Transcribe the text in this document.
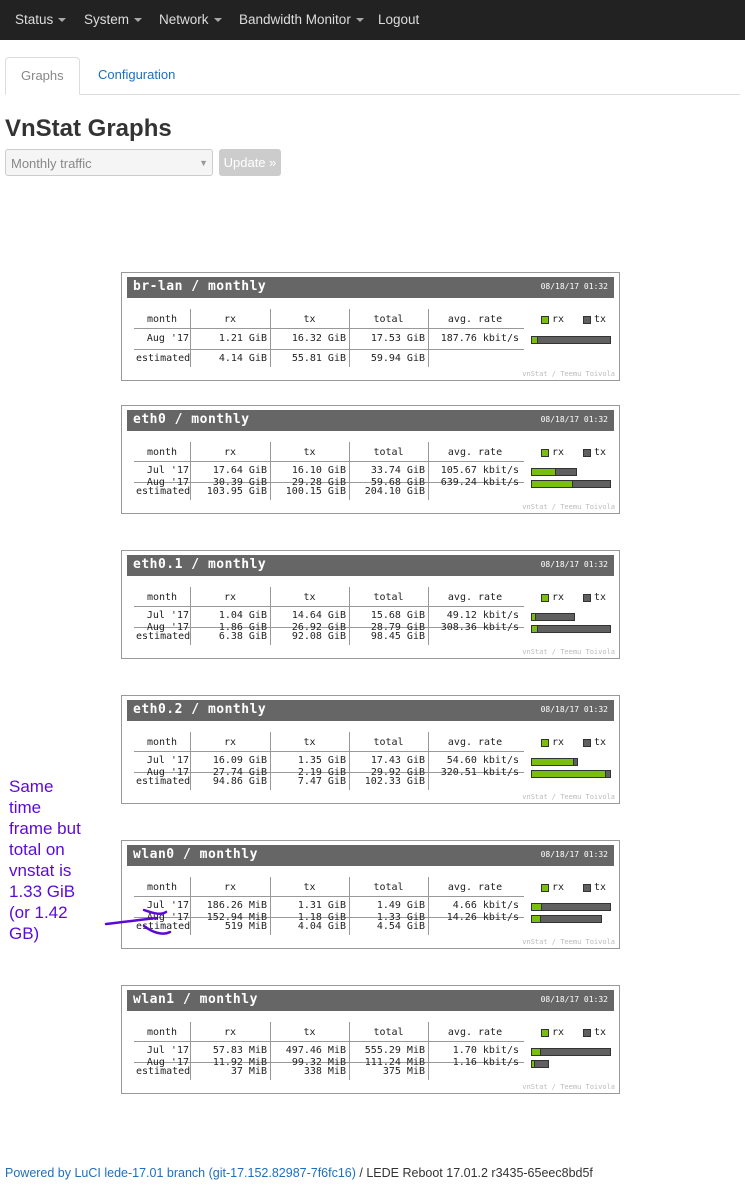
Status	System	Network	Bandwidth Monitor	Logout
Graphs	Configuration
VnStat Graphs
Monthly traffic	▼	Update »
br-lan / monthly	08/18/17 01:32
month	rx	tx	total	avg. rate	rx	tx
Aug '17	1.21 GiB 16.32 GiB 17.53 GiB 187.76 kbit/s
estimated	4.14 GiB 55.81 GiB 59.94 GiB
vnStat / Teemu Toivola
eth0 / monthly	08/18/17 01:32
month	rx	tx	total	avg. rate	rx	tx
Jul '17 17.64 GiB 16.10 GiB 33.74 GiB 105.67 kbit/s
Aug '17 30.39 GiB 29.28 GiB 59.68 GiB 639.24 kbit/s
estimated 103.95 GiB 100.15 GiB 204.10 GiB
vnStat / Teemu Toivola
eth0.1 / monthly	08/18/17 01:32
month	rx	tx	total	avg. rate	rx	tx
Jul '17	1.04 GiB 14.64 GiB 15.68 GiB 49.12 kbit/s
Aug '17	1.86 GiB 26.92 GiB 28.79 GiB 308.36 kbit/s
estimated	6.38 GiB 92.08 GiB 98.45 GiB
vnStat / Teemu Toivola
eth0.2 / monthly	08/18/17 01:32
month	rx	tx	total	avg. rate	rx	tx
Jul '17 16.09 GiB	1.35 GiB 17.43 GiB 54.60 kbit/s
Aug '17 27.74 GiB	2.19 GiB 29.92 GiB 320.51 kbit/s
estimated 94.86 GiB	7.47 GiB 102.33 GiB
vnStat / Teemu Toivola
wlan0 / monthly	08/18/17 01:32
month	rx	tx	total	avg. rate	rx	tx
Jul '17 186.26 MiB	1.31 GiB	1.49 GiB	4.66 kbit/s
Aug '17 152.94 MiB	1.18 GiB	1.33 GiB 14.26 kbit/s
estimated	519 MiB	4.04 GiB	4.54 GiB
vnStat / Teemu Toivola
wlan1 / monthly	08/18/17 01:32
month	rx	tx	total	avg. rate	rx	tx
Jul '17 57.83 MiB 497.46 MiB 555.29 MiB	1.70 kbit/s
Aug '17 11.92 MiB 99.32 MiB 111.24 MiB	1.16 kbit/s
estimated	37 MiB	338 MiB	375 MiB
vnStat / Teemu Toivola
Same
time
frame but
total on
vnstat is
1.33 GiB
(or 1.42
GB)
Powered by LuCI lede-17.01 branch (git-17.152.82987-7f6fc16) / LEDE Reboot 17.01.2 r3435-65eec8bd5f
